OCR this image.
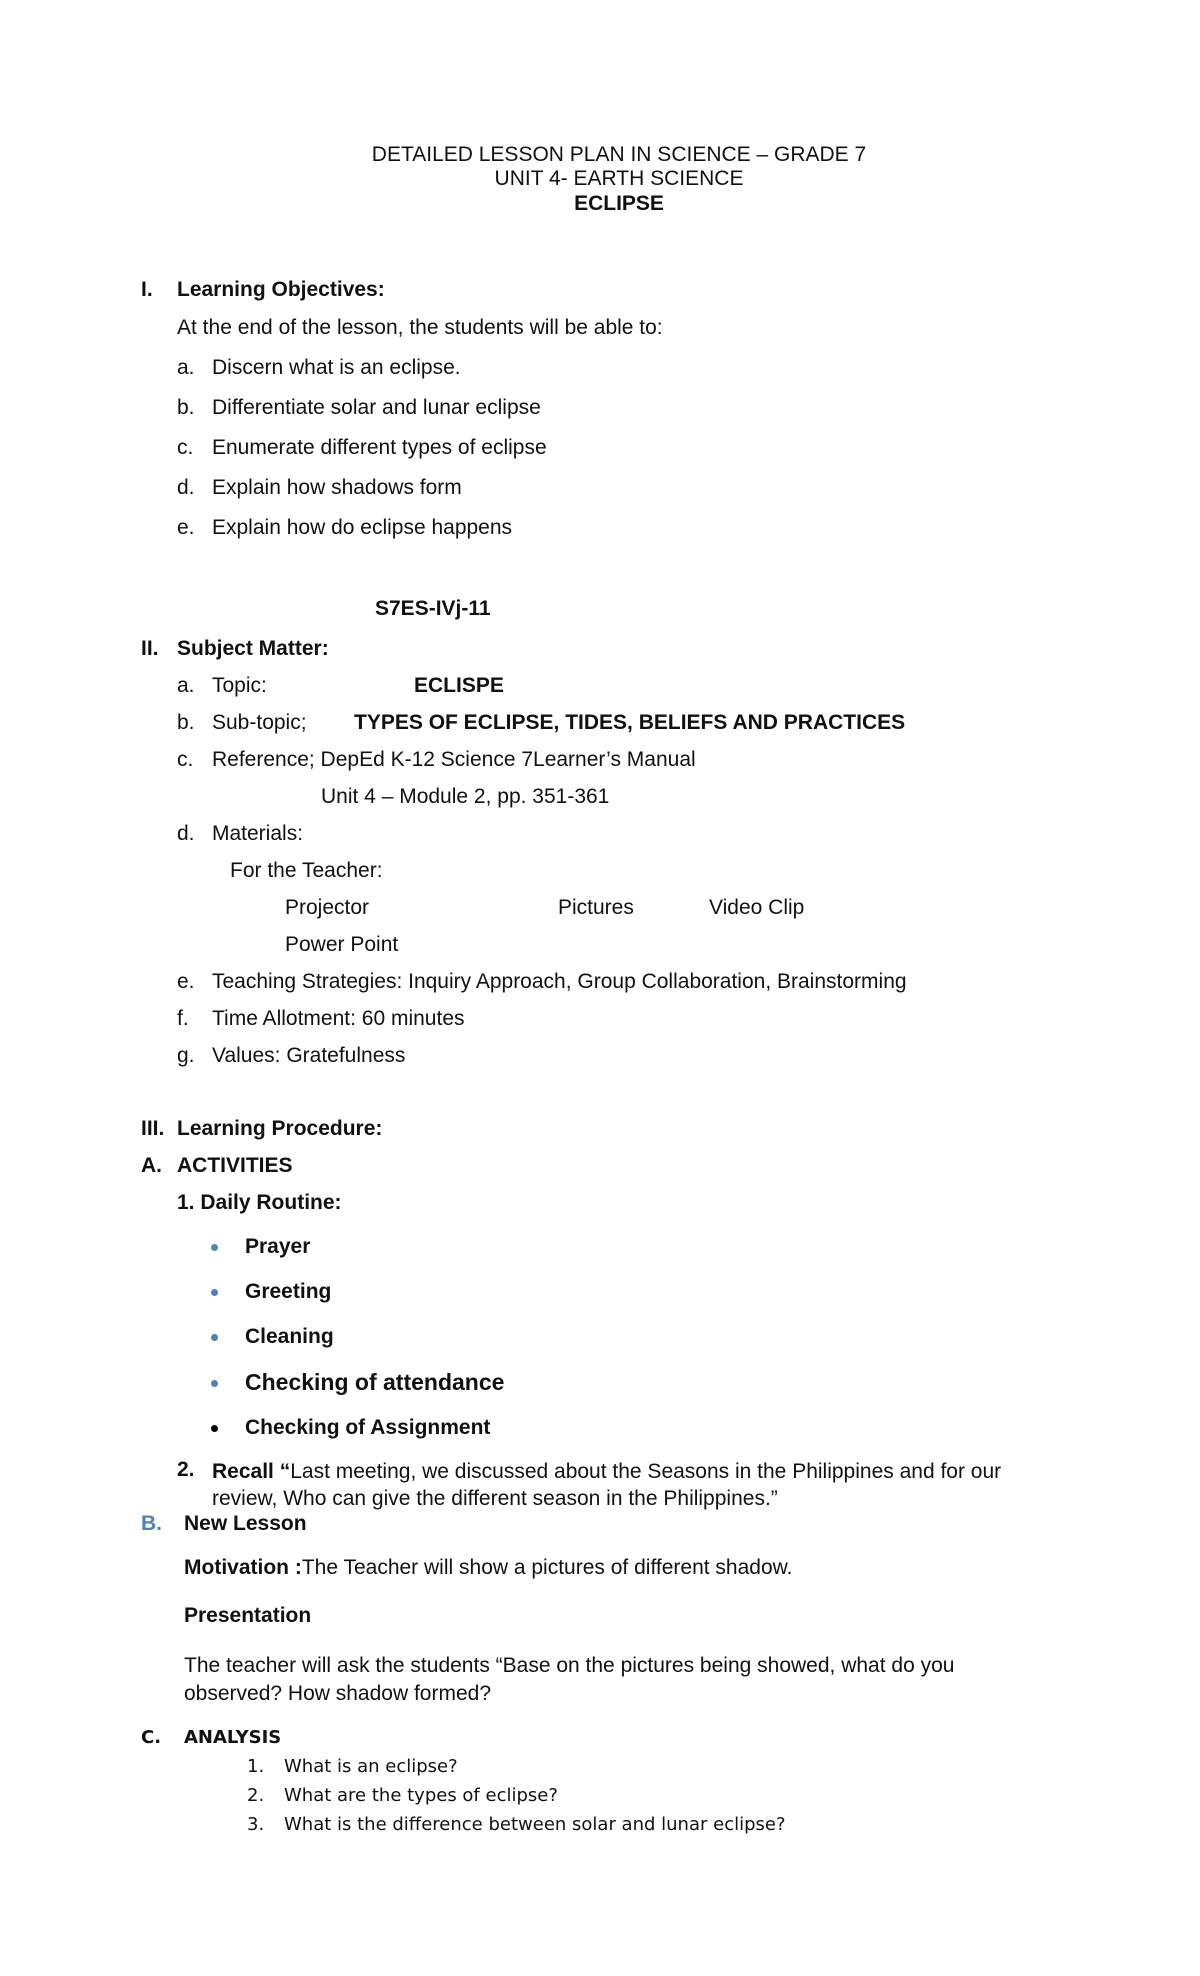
DETAILED LESSON PLAN IN SCIENCE – GRADE 7
UNIT 4- EARTH SCIENCE
ECLIPSE
I. Learning Objectives:
At the end of the lesson, the students will be able to:
a. Discern what is an eclipse.
b. Differentiate solar and lunar eclipse
c. Enumerate different types of eclipse
d. Explain how shadows form
e. Explain how do eclipse happens
S7ES-IVj-11
II. Subject Matter:
a. Topic:	ECLISPE
b. Sub-topic; TYPES OF ECLIPSE, TIDES, BELIEFS AND PRACTICES
c. Reference; DepEd K-12 Science 7Learner’s Manual
Unit 4 – Module 2, pp. 351-361
d. Materials:
For the Teacher:
Projector	Pictures	Video Clip
Power Point
e. Teaching Strategies: Inquiry Approach, Group Collaboration, Brainstorming
f. Time Allotment: 60 minutes
g. Values: Gratefulness
III. Learning Procedure:
A. ACTIVITIES
1. Daily Routine:
Prayer
Greeting
Cleaning
Checking of attendance
Checking of Assignment
2. Recall “Last meeting, we discussed about the Seasons in the Philippines and for our review, Who can give the different season in the Philippines.”
B. New Lesson
Motivation :The Teacher will show a pictures of different shadow.
Presentation
The teacher will ask the students “Base on the pictures being showed, what do you observed? How shadow formed?
C. ANALYSIS
1. What is an eclipse?
2. What are the types of eclipse?
3. What is the difference between solar and lunar eclipse?
